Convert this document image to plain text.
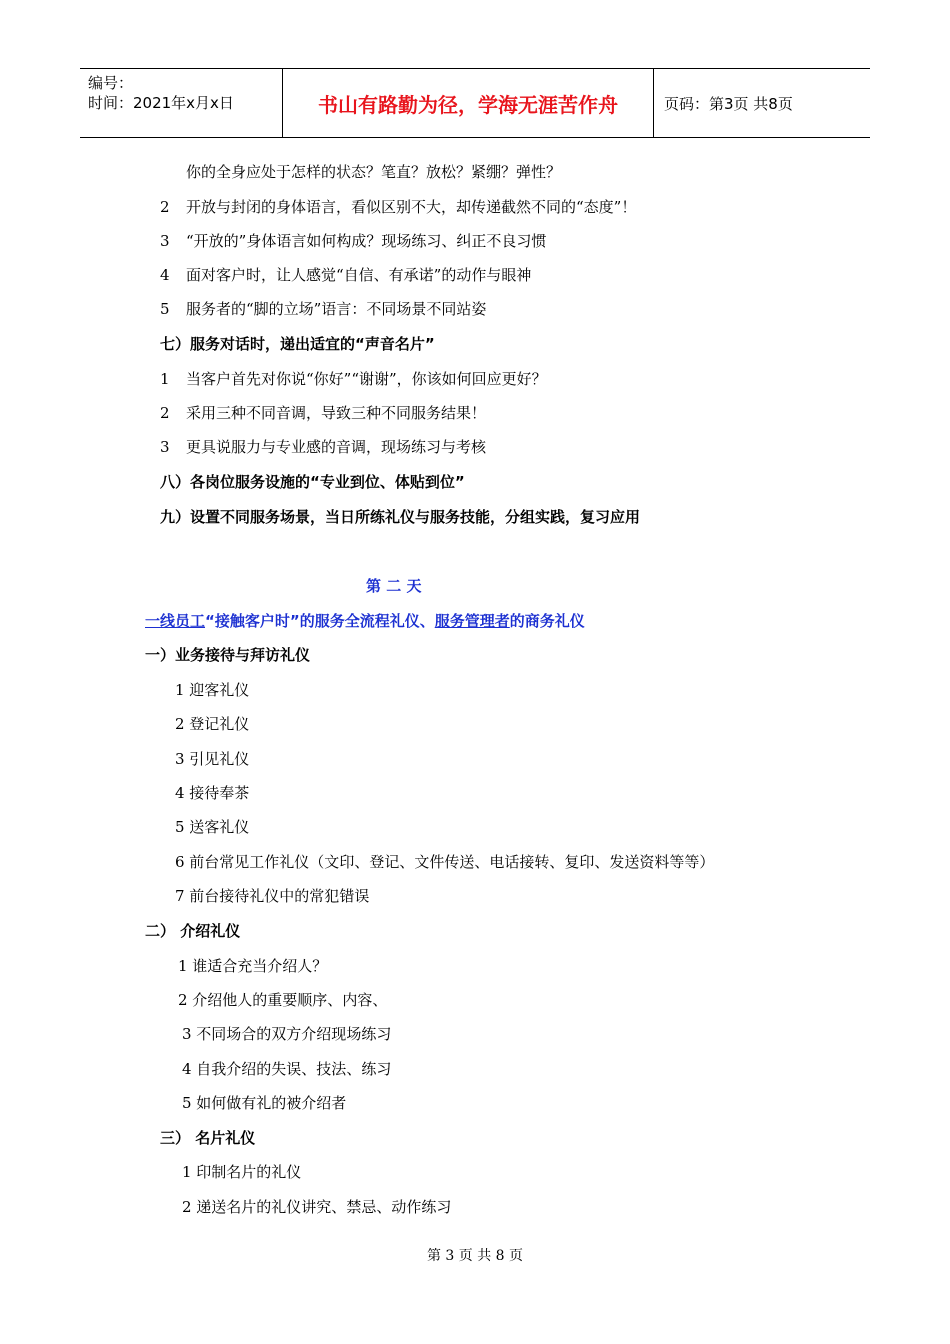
编号：
时间：2021年x月x日	书山有路勤为径，学海无涯苦作舟	页码：第3页 共8页
你的全身应处于怎样的状态？笔直？放松？紧绷？弹性？
2 开放与封闭的身体语言，看似区别不大，却传递截然不同的“态度”！
3 “开放的”身体语言如何构成？现场练习、纠正不良习惯
4 面对客户时，让人感觉“自信、有承诺”的动作与眼神
5 服务者的“脚的立场”语言：不同场景不同站姿
七）服务对话时，递出适宜的“声音名片”
1 当客户首先对你说“你好”“谢谢”，你该如何回应更好？
2 采用三种不同音调，导致三种不同服务结果！
3 更具说服力与专业感的音调，现场练习与考核
八）各岗位服务设施的“专业到位、体贴到位”
九）设置不同服务场景，当日所练礼仪与服务技能，分组实践，复习应用
第 二 天
一线员工“接触客户时”的服务全流程礼仪、服务管理者的商务礼仪
一）业务接待与拜访礼仪
1 迎客礼仪
2 登记礼仪
3 引见礼仪
4 接待奉茶
5 送客礼仪
6 前台常见工作礼仪（文印、登记、文件传送、电话接转、复印、发送资料等等）
7 前台接待礼仪中的常犯错误
二） 介绍礼仪
1 谁适合充当介绍人？
2 介绍他人的重要顺序、内容、
3 不同场合的双方介绍现场练习
4 自我介绍的失误、技法、练习
5 如何做有礼的被介绍者
三） 名片礼仪
1 印制名片的礼仪
2 递送名片的礼仪讲究、禁忌、动作练习
第 3 页 共 8 页
